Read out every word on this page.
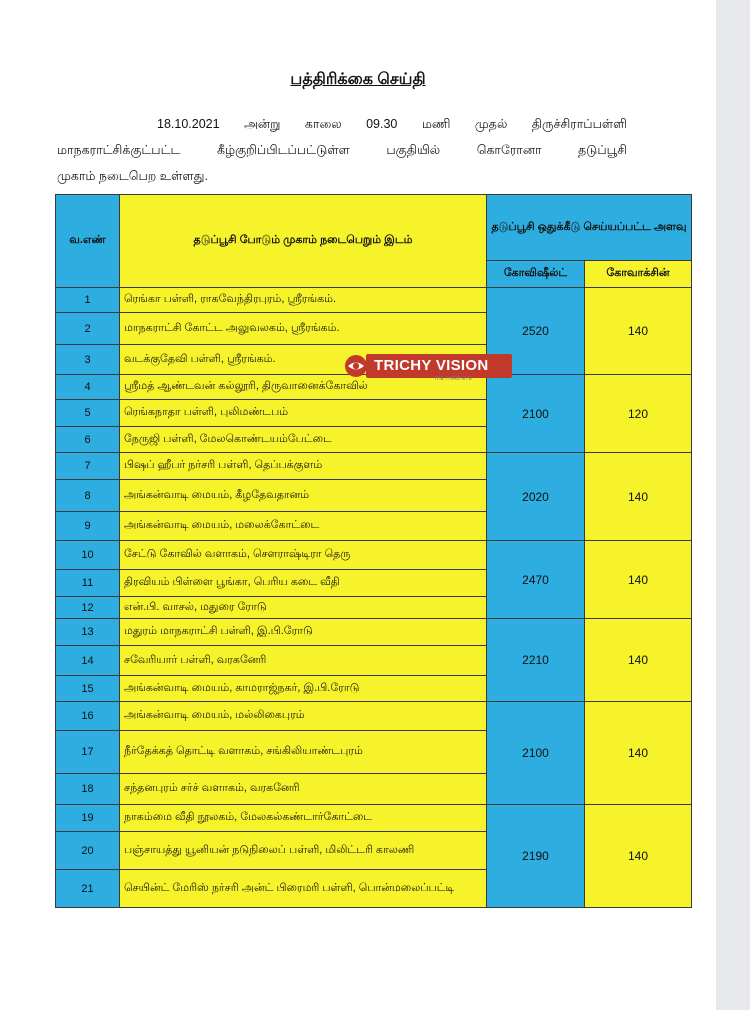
பத்திரிக்கை செய்தி
18.10.2021 அன்று காலை 09.30 மணி முதல் திருச்சிராப்பள்ளி
மாநகராட்சிக்குட்பட்ட கீழ்குறிப்பிடப்பட்டுள்ள பகுதியில் கொரோனா தடுப்பூசி
முகாம் நடைபெற உள்ளது.
வ.எண்	தடுப்பூசி போடும் முகாம் நடைபெறும் இடம்	தடுப்பூசி ஒதுக்கீடு செய்யப்பட்ட அளவு	
		கோவிஷீல்ட்	கோவாக்சின்
1	ரெங்கா பள்ளி, ராகவேந்திரபுரம், ஸ்ரீரங்கம்.	2520	140
2	மாநகராட்சி கோட்ட அலுவலகம், ஸ்ரீரங்கம்.		
3	வடக்குதேவி பள்ளி, ஸ்ரீரங்கம்.		
4	ஸ்ரீமத் ஆண்டவன் கல்லூரி, திருவானைக்கோவில்	2100	120
5	ரெங்கநாதா பள்ளி, புலிமண்டபம்		
6	நேருஜி பள்ளி, மேலகொண்டயம்பேட்டை		
7	பிஷப் ஹீபர் நர்சரி பள்ளி, தெப்பக்குளம்	2020	140
8	அங்கன்வாடி மையம், கீழதேவதானம்		
9	அங்கன்வாடி மையம், மலைக்கோட்டை		
10	சேட்டு கோவில் வளாகம், சௌராஷ்டிரா தெரு	2470	140
11	திரவியம் பிள்ளை பூங்கா, பெரிய கடை வீதி		
12	என்.பி. வாசல், மதுரை ரோடு		
13	மதுரம் மாநகராட்சி பள்ளி, இ.பி.ரோடு	2210	140
14	சவேரியார் பள்ளி, வரகனேரி		
15	அங்கன்வாடி மையம், காமராஜ்நகர், இ.பி.ரோடு		
16	அங்கன்வாடி மையம், மல்லிகைபுரம்	2100	140
17	நீர்தேக்கத் தொட்டி வளாகம், சங்கிலியாண்டபுரம்		
18	சந்தனபுரம் சர்ச் வளாகம், வரகனேரி		
19	நாகம்மை வீதி நூலகம், மேலகல்கண்டார்கோட்டை	2190	140
20	பஞ்சாயத்து யூனியன் நடுநிலைப் பள்ளி, மிலிட்டரி காலணி		
21	செயின்ட் மேரிஸ் நர்சரி அன்ட் பிரைமரி பள்ளி, பொன்மலைப்பட்டி		
TRICHY VISION
THE THIRD EYE
